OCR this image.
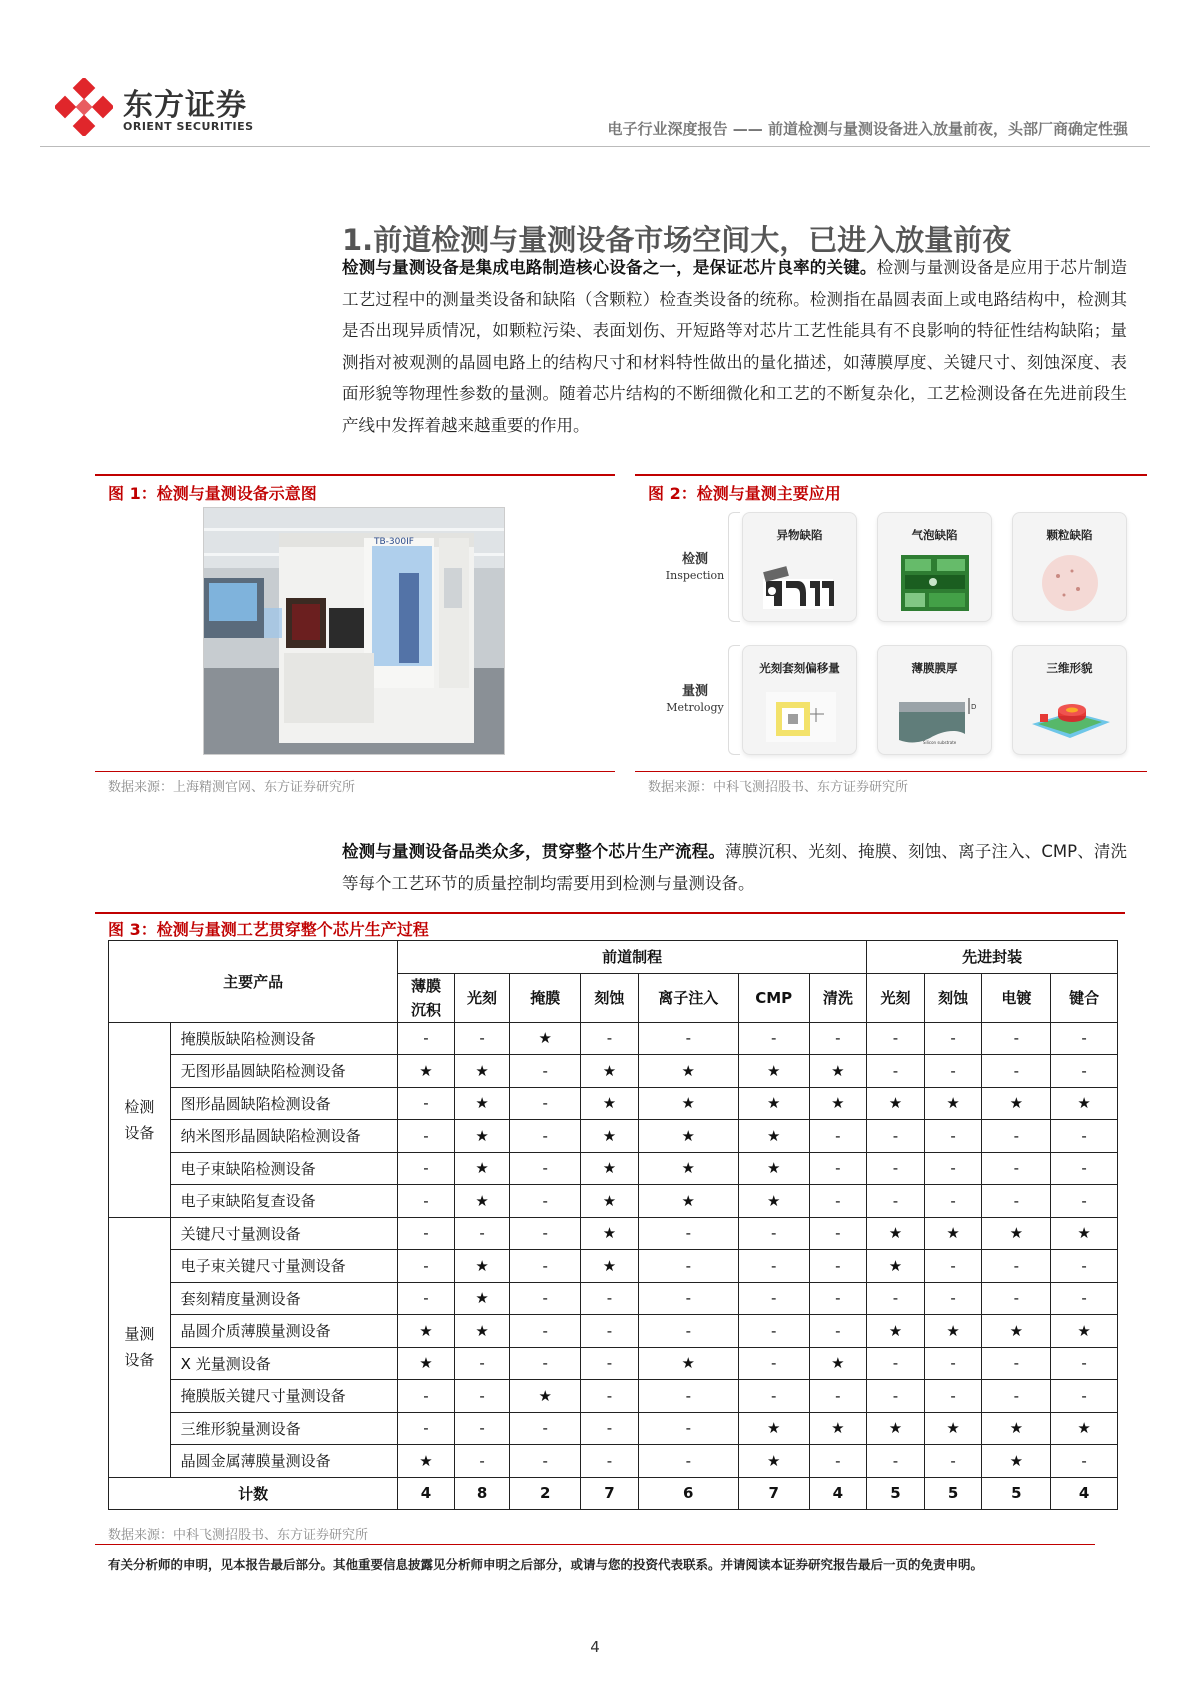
东方证券
ORIENT SECURITIES	电子行业深度报告 —— 前道检测与量测设备进入放量前夜，头部厂商确定性强
1.前道检测与量测设备市场空间大，已进入放量前夜
检测与量测设备是集成电路制造核心设备之一，是保证芯片良率的关键。检测与量测设备是应用于芯片制造工艺过程中的测量类设备和缺陷（含颗粒）检查类设备的统称。检测指在晶圆表面上或电路结构中，检测其是否出现异质情况，如颗粒污染、表面划伤、开短路等对芯片工艺性能具有不良影响的特征性结构缺陷；量测指对被观测的晶圆电路上的结构尺寸和材料特性做出的量化描述，如薄膜厚度、关键尺寸、刻蚀深度、表面形貌等物理性参数的量测。随着芯片结构的不断细微化和工艺的不断复杂化，工艺检测设备在先进前段生产线中发挥着越来越重要的作用。
图 1：检测与量测设备示意图
TB-300IF
数据来源：上海精测官网、东方证券研究所
图 2：检测与量测主要应用
检测
Inspection
量测
Metrology
异物缺陷	气泡缺陷	颗粒缺陷
光刻套刻偏移量	薄膜膜厚
D
Silicon substrate
三维形貌
数据来源：中科飞测招股书、东方证券研究所
检测与量测设备品类众多，贯穿整个芯片生产流程。薄膜沉积、光刻、掩膜、刻蚀、离子注入、CMP、清洗等每个工艺环节的质量控制均需要用到检测与量测设备。
图 3：检测与量测工艺贯穿整个芯片生产过程
主要产品		前道制程							先进封装			
		薄膜沉积	光刻	掩膜	刻蚀	离子注入	CMP	清洗	光刻	刻蚀	电镀	键合
检测设备	掩膜版缺陷检测设备	-	-	★	-	-	-	-	-	-	-	-
	无图形晶圆缺陷检测设备	★	★	-	★	★	★	★	-	-	-	-
	图形晶圆缺陷检测设备	-	★	-	★	★	★	★	★	★	★	★
	纳米图形晶圆缺陷检测设备	-	★	-	★	★	★	-	-	-	-	-
	电子束缺陷检测设备	-	★	-	★	★	★	-	-	-	-	-
	电子束缺陷复查设备	-	★	-	★	★	★	-	-	-	-	-
量测设备	关键尺寸量测设备	-	-	-	★	-	-	-	★	★	★	★
	电子束关键尺寸量测设备	-	★	-	★	-	-	-	★	-	-	-
	套刻精度量测设备	-	★	-	-	-	-	-	-	-	-	-
	晶圆介质薄膜量测设备	★	★	-	-	-	-	-	★	★	★	★
	X 光量测设备	★	-	-	-	★	-	★	-	-	-	-
	掩膜版关键尺寸量测设备	-	-	★	-	-	-	-	-	-	-	-
	三维形貌量测设备	-	-	-	-	-	★	★	★	★	★	★
	晶圆金属薄膜量测设备	★	-	-	-	-	★	-	-	-	★	-
计数		4	8	2	7	6	7	4	5	5	5	4
数据来源：中科飞测招股书、东方证券研究所
有关分析师的申明，见本报告最后部分。其他重要信息披露见分析师申明之后部分，或请与您的投资代表联系。并请阅读本证券研究报告最后一页的免责申明。
4
